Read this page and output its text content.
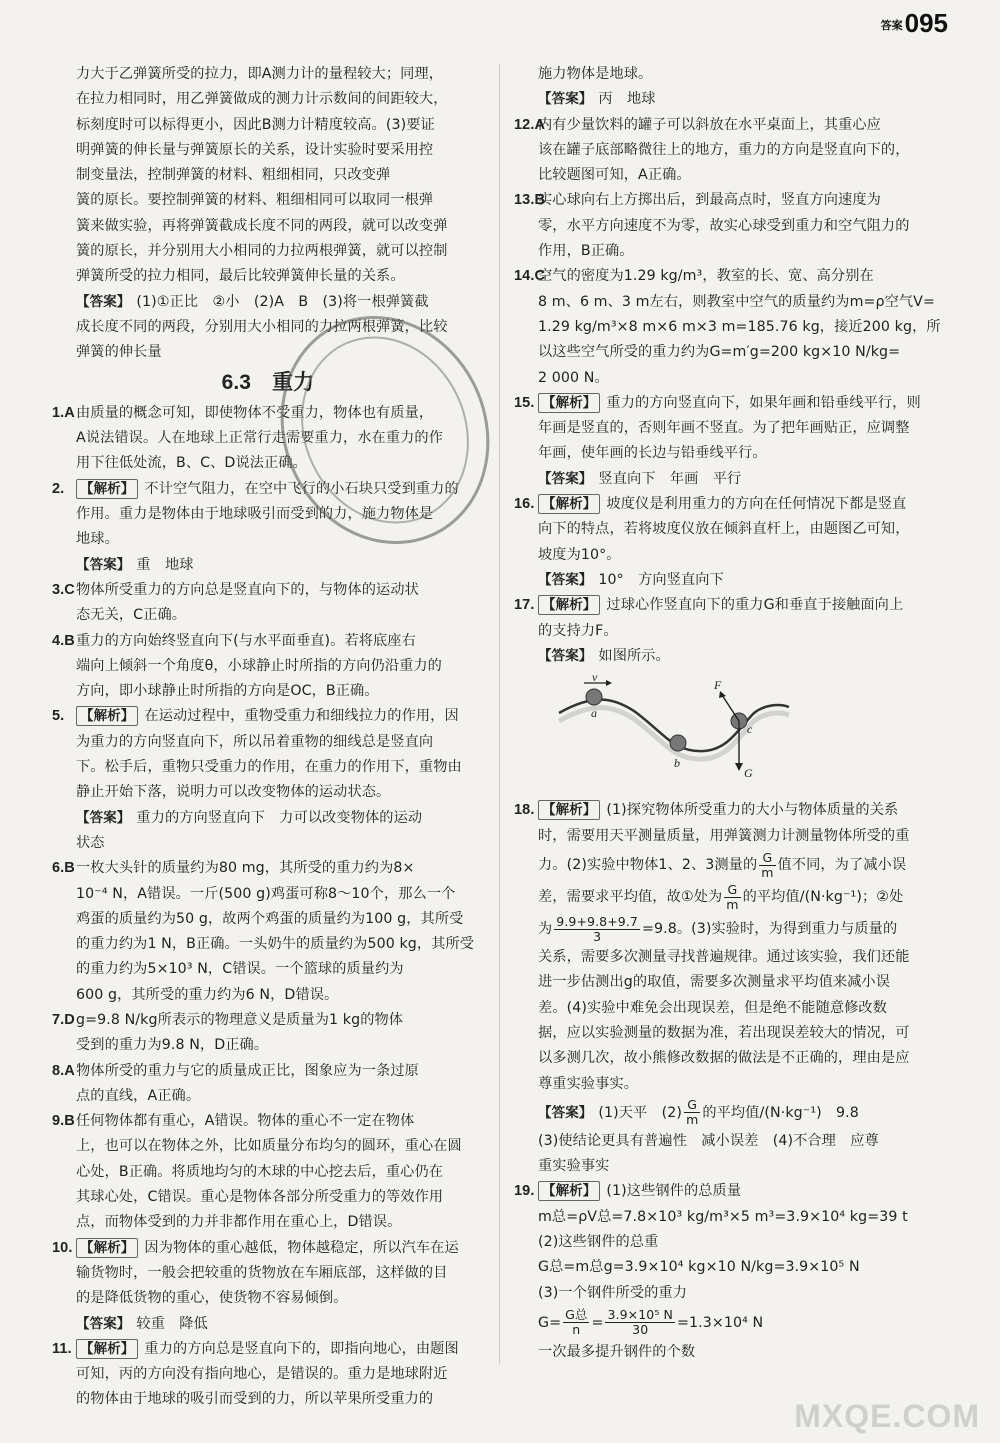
答案095
力大于乙弹簧所受的拉力，即A测力计的量程较大；同理，
在拉力相同时，用乙弹簧做成的测力计示数间的间距较大，
标刻度时可以标得更小，因此B测力计精度较高。(3)要证
明弹簧的伸长量与弹簧原长的关系，设计实验时要采用控
制变量法，控制弹簧的材料、粗细相同，只改变弹
簧的原长。要控制弹簧的材料、粗细相同可以取同一根弹
簧来做实验，再将弹簧截成长度不同的两段，就可以改变弹
簧的原长，并分别用大小相同的力拉两根弹簧，就可以控制
弹簧所受的拉力相同，最后比较弹簧伸长量的关系。
【答案】 (1)①正比　②小　(2)A　B　(3)将一根弹簧截
成长度不同的两段，分别用大小相同的力拉两根弹簧，比较
弹簧的伸长量
6.3　重力
1.A 由质量的概念可知，即使物体不受重力，物体也有质量，
A说法错误。人在地球上正常行走需要重力，水在重力的作
用下往低处流，B、C、D说法正确。
2. 【解析】 不计空气阻力，在空中飞行的小石块只受到重力的
作用。重力是物体由于地球吸引而受到的力，施力物体是
地球。
【答案】 重　地球
3.C 物体所受重力的方向总是竖直向下的，与物体的运动状
态无关，C正确。
4.B 重力的方向始终竖直向下(与水平面垂直)。若将底座右
端向上倾斜一个角度θ，小球静止时所指的方向仍沿重力的
方向，即小球静止时所指的方向是OC，B正确。
5. 【解析】 在运动过程中，重物受重力和细线拉力的作用，因
为重力的方向竖直向下，所以吊着重物的细线总是竖直向
下。松手后，重物只受重力的作用，在重力的作用下，重物由
静止开始下落，说明力可以改变物体的运动状态。
【答案】 重力的方向竖直向下　力可以改变物体的运动
状态
6.B 一枚大头针的质量约为80 mg，其所受的重力约为8×
10⁻⁴ N，A错误。一斤(500 g)鸡蛋可称8～10个，那么一个
鸡蛋的质量约为50 g，故两个鸡蛋的质量约为100 g，其所受
的重力约为1 N，B正确。一头奶牛的质量约为500 kg，其所受
的重力约为5×10³ N，C错误。一个篮球的质量约为
600 g，其所受的重力约为6 N，D错误。
7.D g=9.8 N/kg所表示的物理意义是质量为1 kg的物体
受到的重力为9.8 N，D正确。
8.A 物体所受的重力与它的质量成正比，图象应为一条过原
点的直线，A正确。
9.B 任何物体都有重心，A错误。物体的重心不一定在物体
上，也可以在物体之外，比如质量分布均匀的圆环，重心在圆
心处，B正确。将质地均匀的木球的中心挖去后，重心仍在
其球心处，C错误。重心是物体各部分所受重力的等效作用
点，而物体受到的力并非都作用在重心上，D错误。
10. 【解析】 因为物体的重心越低，物体越稳定，所以汽车在运
输货物时，一般会把较重的货物放在车厢底部，这样做的目
的是降低货物的重心，使货物不容易倾倒。
【答案】 较重　降低
11. 【解析】 重力的方向总是竖直向下的，即指向地心，由题图
可知，丙的方向没有指向地心，是错误的。重力是地球附近
的物体由于地球的吸引而受到的力，所以苹果所受重力的
施力物体是地球。
【答案】 丙　地球
12.A
内有少量饮料的罐子可以斜放在水平桌面上，其重心应
该在罐子底部略微往上的地方，重力的方向是竖直向下的，
比较题图可知，A正确。
13.B
实心球向右上方掷出后，到最高点时，竖直方向速度为
零，水平方向速度不为零，故实心球受到重力和空气阻力的
作用，B正确。
14.C
空气的密度为1.29 kg/m³，教室的长、宽、高分别在
8 m、6 m、3 m左右，则教室中空气的质量约为m=ρ空气V=
1.29 kg/m³×8 m×6 m×3 m=185.76 kg，接近200 kg，所
以这些空气所受的重力约为G=m′g=200 kg×10 N/kg=
2 000 N。
15. 【解析】 重力的方向竖直向下，如果年画和铅垂线平行，则
年画是竖直的，否则年画不竖直。为了把年画贴正，应调整
年画，使年画的长边与铅垂线平行。
【答案】 竖直向下　年画　平行
16. 【解析】 坡度仪是利用重力的方向在任何情况下都是竖直
向下的特点，若将坡度仪放在倾斜直杆上，由题图乙可知，
坡度为10°。
【答案】 10°　方向竖直向下
17. 【解析】 过球心作竖直向下的重力G和垂直于接触面向上
的支持力F。
【答案】 如图所示。
v
a
b
c
F
G
18. 【解析】 (1)探究物体所受重力的大小与物体质量的关系
时，需要用天平测量质量，用弹簧测力计测量物体所受的重
力。(2)实验中物体1、2、3测量的 $\frac{G}{m}$ 值不同，为了减小误
差，需要求平均值，故①处为 $\frac{G}{m}$ 的平均值/(N·kg⁻¹)；②处
为 $\frac{9.9+9.8+9.7}{3} =9.8$。(3)实验时，为得到重力与质量的
关系，需要多次测量寻找普遍规律。通过该实验，我们还能
进一步估测出g的取值，需要多次测量求平均值来减小误
差。(4)实验中难免会出现误差，但是绝不能随意修改数
据，应以实验测量的数据为准，若出现误差较大的情况，可
以多测几次，故小熊修改数据的做法是不正确的，理由是应
尊重实验事实。
【答案】 (1)天平　$(2) \frac{G}{m}$ 的平均值/(N·kg⁻¹)　9.8
(3)使结论更具有普遍性　减小误差　(4)不合理　应尊
重实验事实
19. 【解析】 (1)这些钢件的总质量
m总=ρV总=7.8×10³ kg/m³×5 m³=3.9×10⁴ kg=39 t
(2)这些钢件的总重
G总=m总g=3.9×10⁴ kg×10 N/kg=3.9×10⁵ N
(3)一个钢件所受的重力
$G= \frac{\text{G总}}{n} = \frac{\text{3.9×10⁵ N}}{30} =1.3\times 10^4$ N
一次最多提升钢件的个数
MXQE.COM
